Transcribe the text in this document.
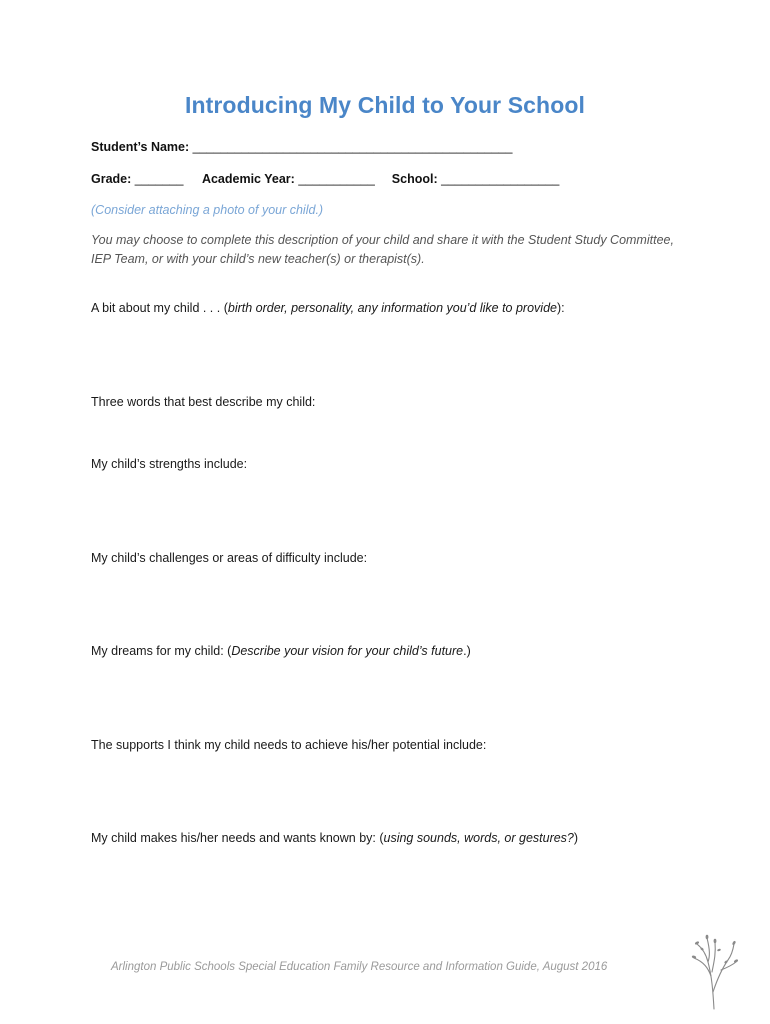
Introducing My Child to Your School
Student’s Name: ______________________________________________
Grade: _______ Academic Year: ___________ School: _________________
(Consider attaching a photo of your child.)
You may choose to complete this description of your child and share it with the Student Study Committee, IEP Team, or with your child’s new teacher(s) or therapist(s).
A bit about my child . . . (birth order, personality, any information you’d like to provide):
Three words that best describe my child:
My child’s strengths include:
My child’s challenges or areas of difficulty include:
My dreams for my child: (Describe your vision for your child’s future.)
The supports I think my child needs to achieve his/her potential include:
My child makes his/her needs and wants known by: (using sounds, words, or gestures?)
Arlington Public Schools Special Education Family Resource and Information Guide, August 2016
